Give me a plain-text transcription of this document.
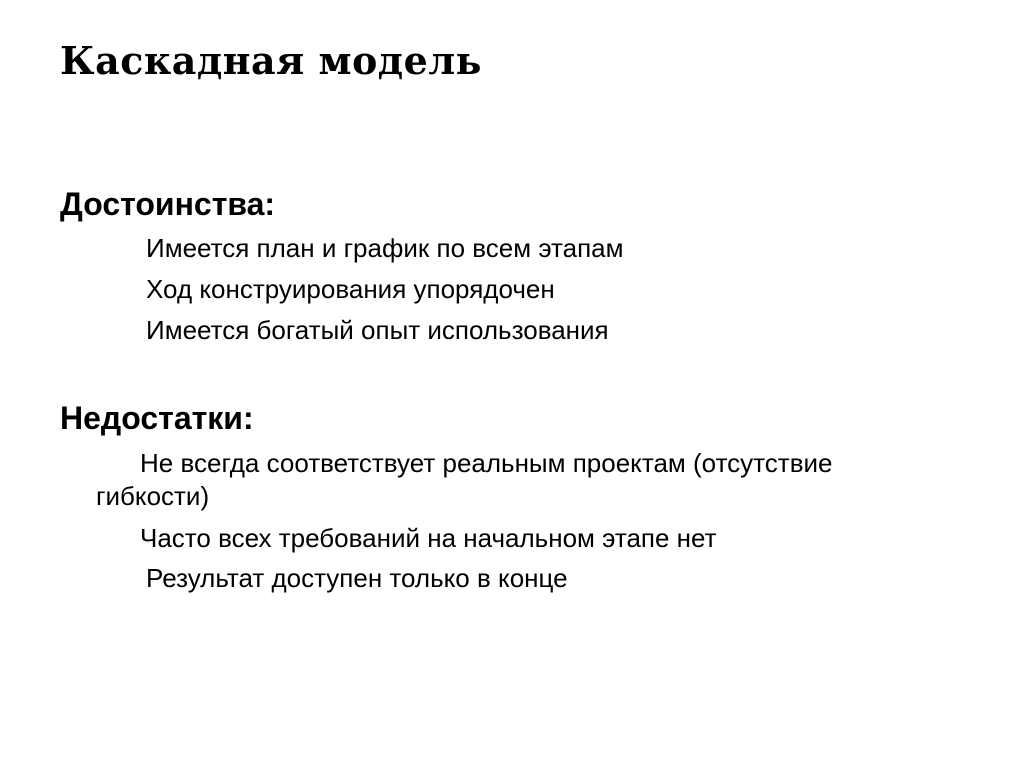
Каскадная модель
Достоинства:
Имеется план и график по всем этапам
Ход конструирования упорядочен
Имеется богатый опыт использования
Недостатки:
Не всегда соответствует реальным проектам (отсутствие
гибкости)
Часто всех требований на начальном этапе нет
Результат доступен только в конце
